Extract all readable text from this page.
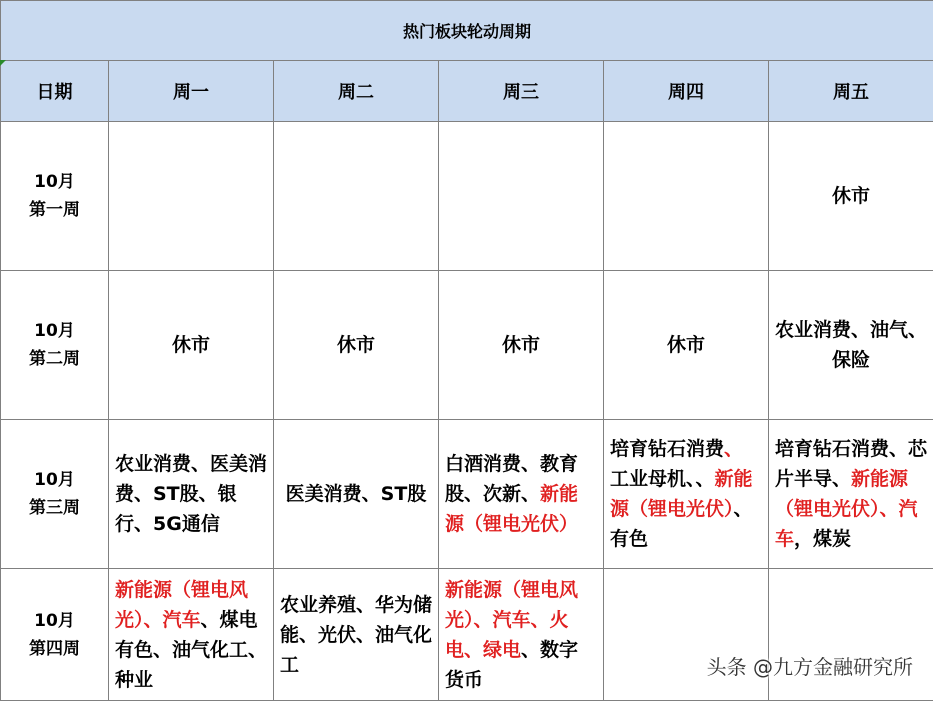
热门板块轮动周期					
日期	周一	周二	周三	周四	周五

10月
第一周					休市

10月
第二周	休市	休市	休市	休市	农业消费、油气、保险

10月
第三周	农业消费、医美消费、ST股、银行、5G通信	医美消费、ST股	白酒消费、教育股、次新、新能源（锂电光伏）	培育钻石消费、工业母机、、新能源（锂电光伏）、有色	培育钻石消费、芯片半导、新能源（锂电光伏）、汽车，煤炭

10月
第四周	新能源（锂电风光）、汽车、煤电有色、油气化工、种业	农业养殖、华为储能、光伏、油气化工	新能源（锂电风光）、汽车、火电、绿电、数字货币		
头条 @九方金融研究所
